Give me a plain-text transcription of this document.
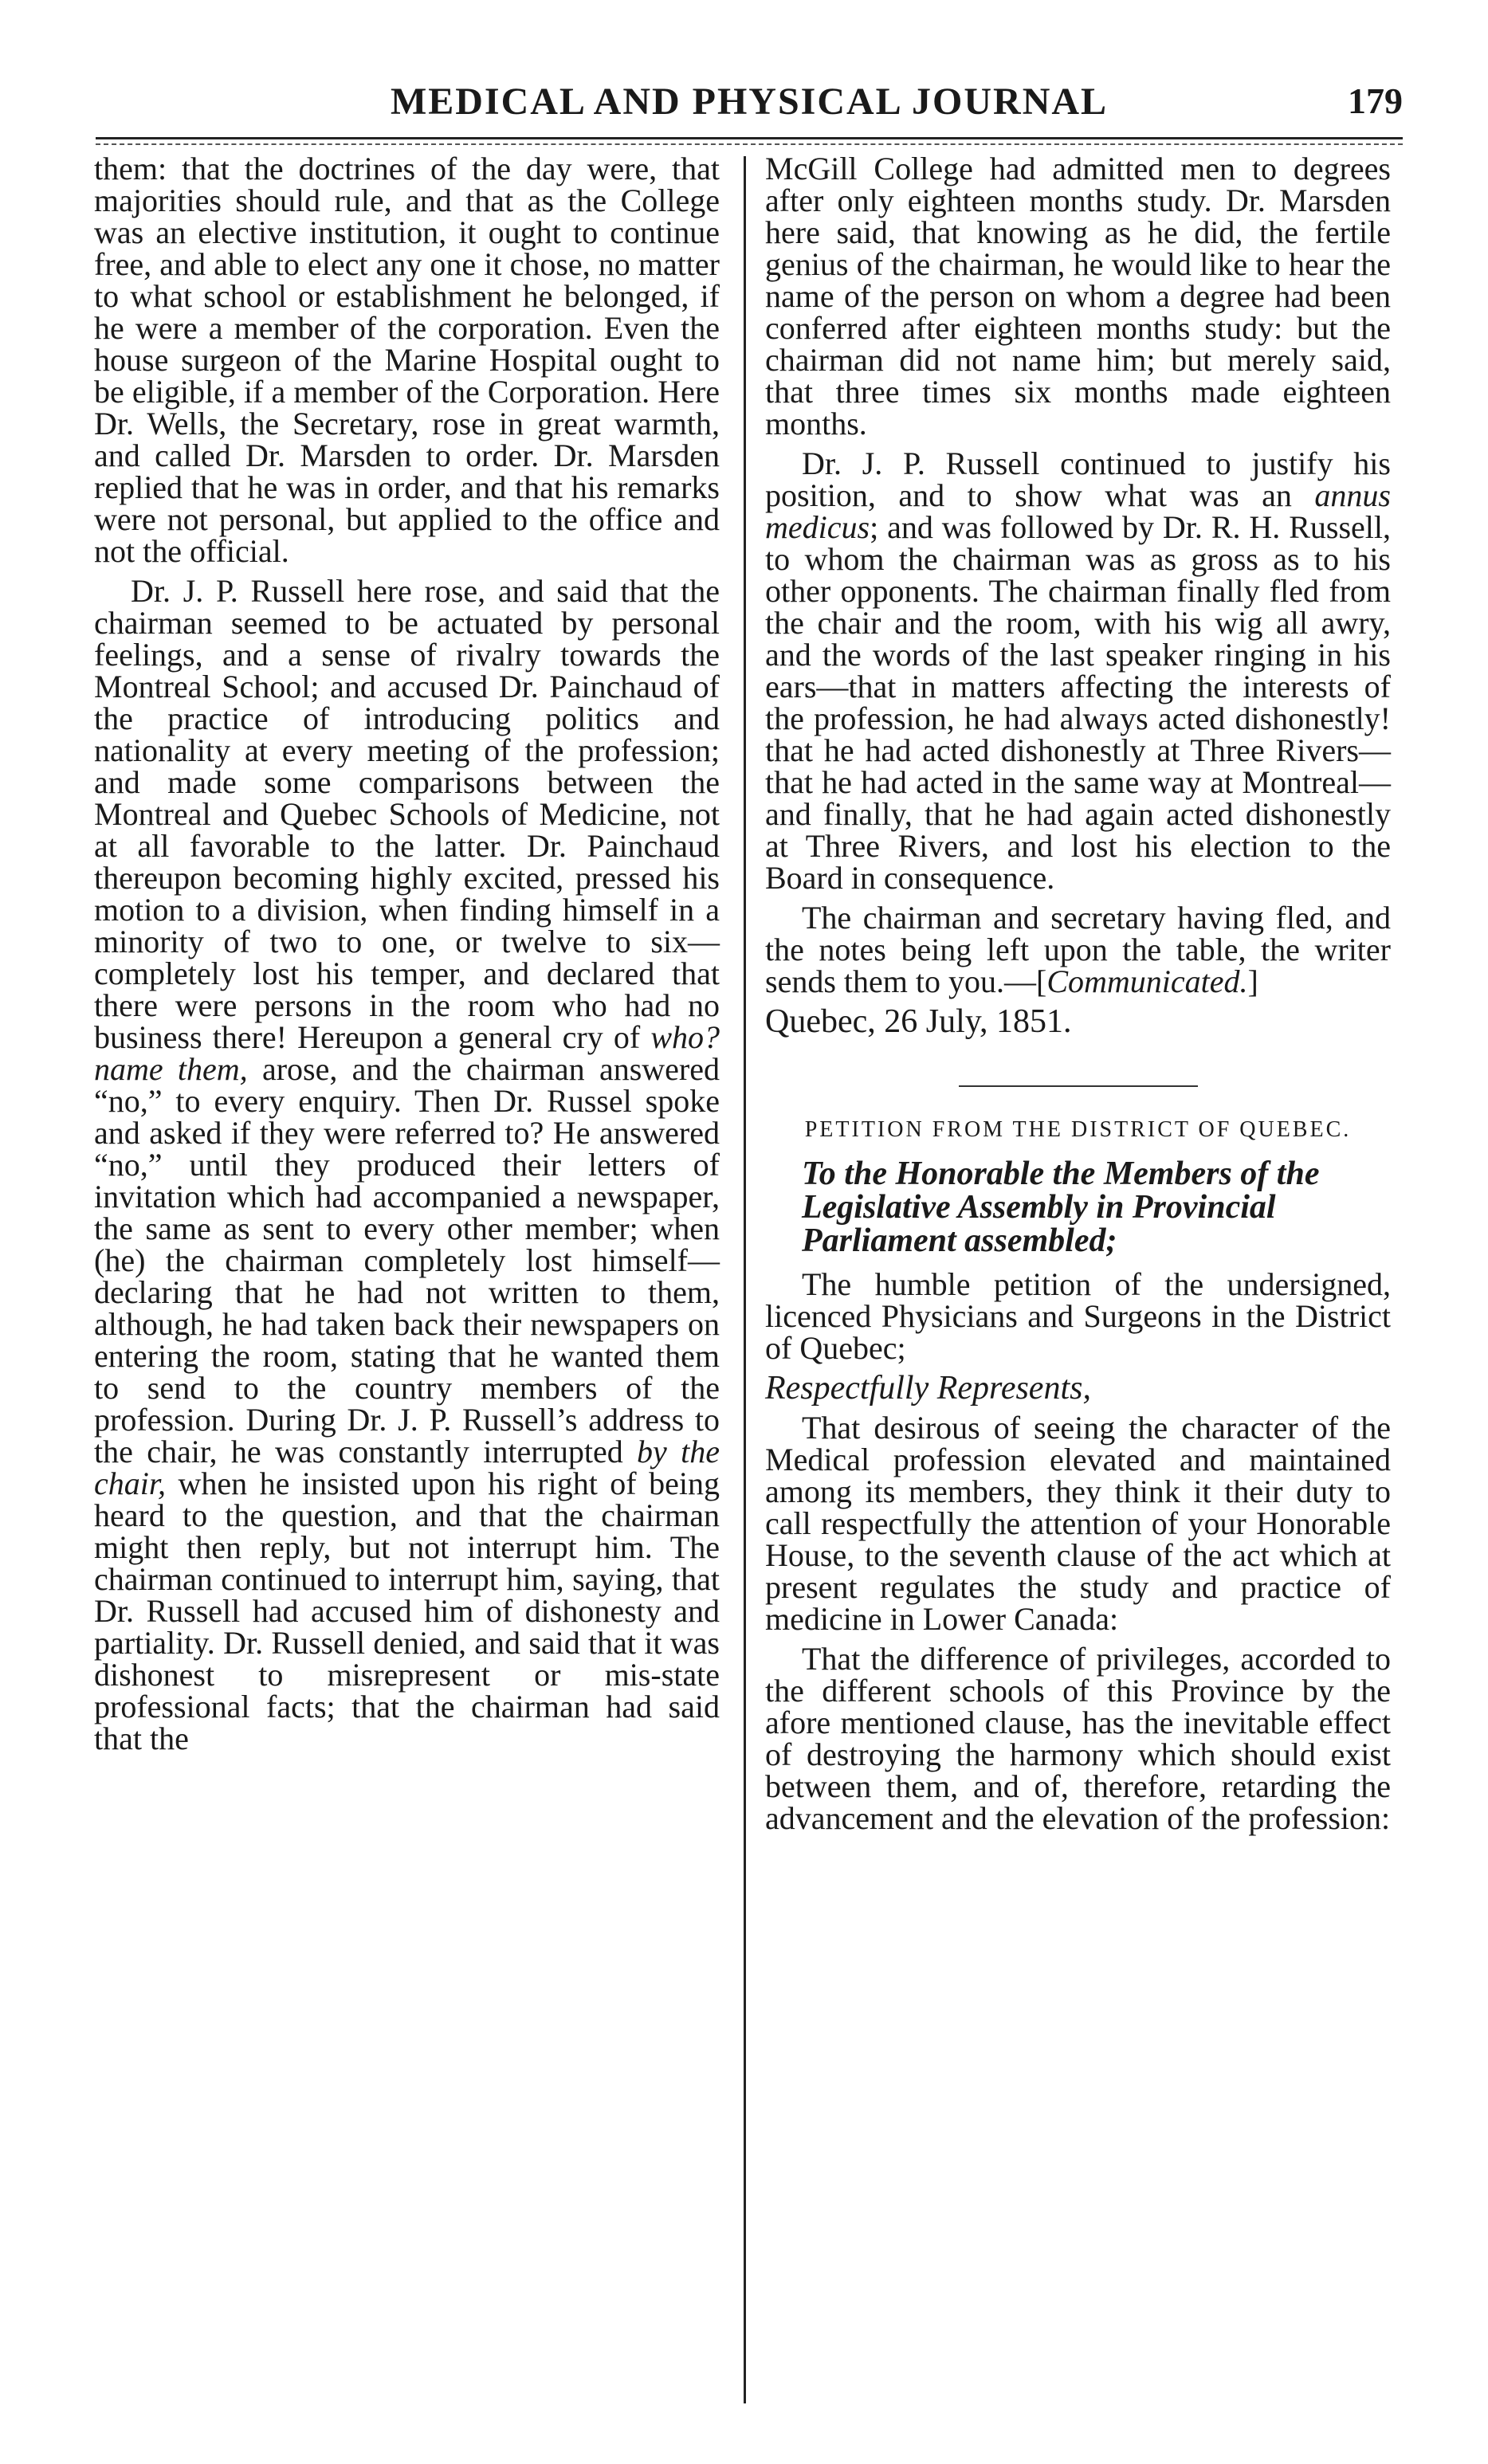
MEDICAL AND PHYSICAL JOURNAL	179

them: that the doctrines of the day were, that majorities should rule, and that as the College was an elective institution, it ought to continue free, and able to elect any one it chose, no matter to what school or establishment he belonged, if he were a member of the corporation. Even the house surgeon of the Marine Hospital ought to be eligible, if a member of the Corporation. Here Dr. Wells, the Secretary, rose in great warmth, and called Dr. Marsden to order. Dr. Marsden replied that he was in order, and that his remarks were not personal, but applied to the office and not the official.

Dr. J. P. Russell here rose, and said that the chairman seemed to be actuated by personal feelings, and a sense of rivalry towards the Montreal School; and accused Dr. Painchaud of the practice of introducing politics and nationality at every meeting of the profession; and made some comparisons between the Montreal and Quebec Schools of Medicine, not at all favorable to the latter. Dr. Painchaud thereupon becoming highly excited, pressed his motion to a division, when finding himself in a minority of two to one, or twelve to six—completely lost his temper, and declared that there were persons in the room who had no business there! Hereupon a general cry of who? name them, arose, and the chairman answered “no,” to every enquiry. Then Dr. Russel spoke and asked if they were referred to? He answered “no,” until they produced their letters of invitation which had accompanied a newspaper, the same as sent to every other member; when (he) the chairman completely lost himself—declaring that he had not written to them, although, he had taken back their newspapers on entering the room, stating that he wanted them to send to the country members of the profession. During Dr. J. P. Russell’s address to the chair, he was constantly interrupted by the chair, when he insisted upon his right of being heard to the question, and that the chairman might then reply, but not interrupt him. The chairman continued to interrupt him, saying, that Dr. Russell had accused him of dishonesty and partiality. Dr. Russell denied, and said that it was dishonest to misrepresent or mis-state professional facts; that the chairman had said that the

McGill College had admitted men to degrees after only eighteen months study. Dr. Marsden here said, that knowing as he did, the fertile genius of the chairman, he would like to hear the name of the person on whom a degree had been conferred after eighteen months study: but the chairman did not name him; but merely said, that three times six months made eighteen months.

Dr. J. P. Russell continued to justify his position, and to show what was an annus medicus; and was followed by Dr. R. H. Russell, to whom the chairman was as gross as to his other opponents. The chairman finally fled from the chair and the room, with his wig all awry, and the words of the last speaker ringing in his ears—that in matters affecting the interests of the profession, he had always acted dishonestly! that he had acted dishonestly at Three Rivers—that he had acted in the same way at Montreal—and finally, that he had again acted dishonestly at Three Rivers, and lost his election to the Board in consequence.

The chairman and secretary having fled, and the notes being left upon the table, the writer sends them to you.—[Communicated.]

Quebec, 26 July, 1851.

PETITION FROM THE DISTRICT OF QUEBEC.

To the Honorable the Members of the Legislative Assembly in Provincial Parliament assembled;

The humble petition of the undersigned, licenced Physicians and Surgeons in the District of Quebec;

Respectfully Represents,

That desirous of seeing the character of the Medical profession elevated and maintained among its members, they think it their duty to call respectfully the attention of your Honorable House, to the seventh clause of the act which at present regulates the study and practice of medicine in Lower Canada:

That the difference of privileges, accorded to the different schools of this Province by the afore mentioned clause, has the inevitable effect of destroying the harmony which should exist between them, and of, therefore, retarding the advancement and the elevation of the profession:
